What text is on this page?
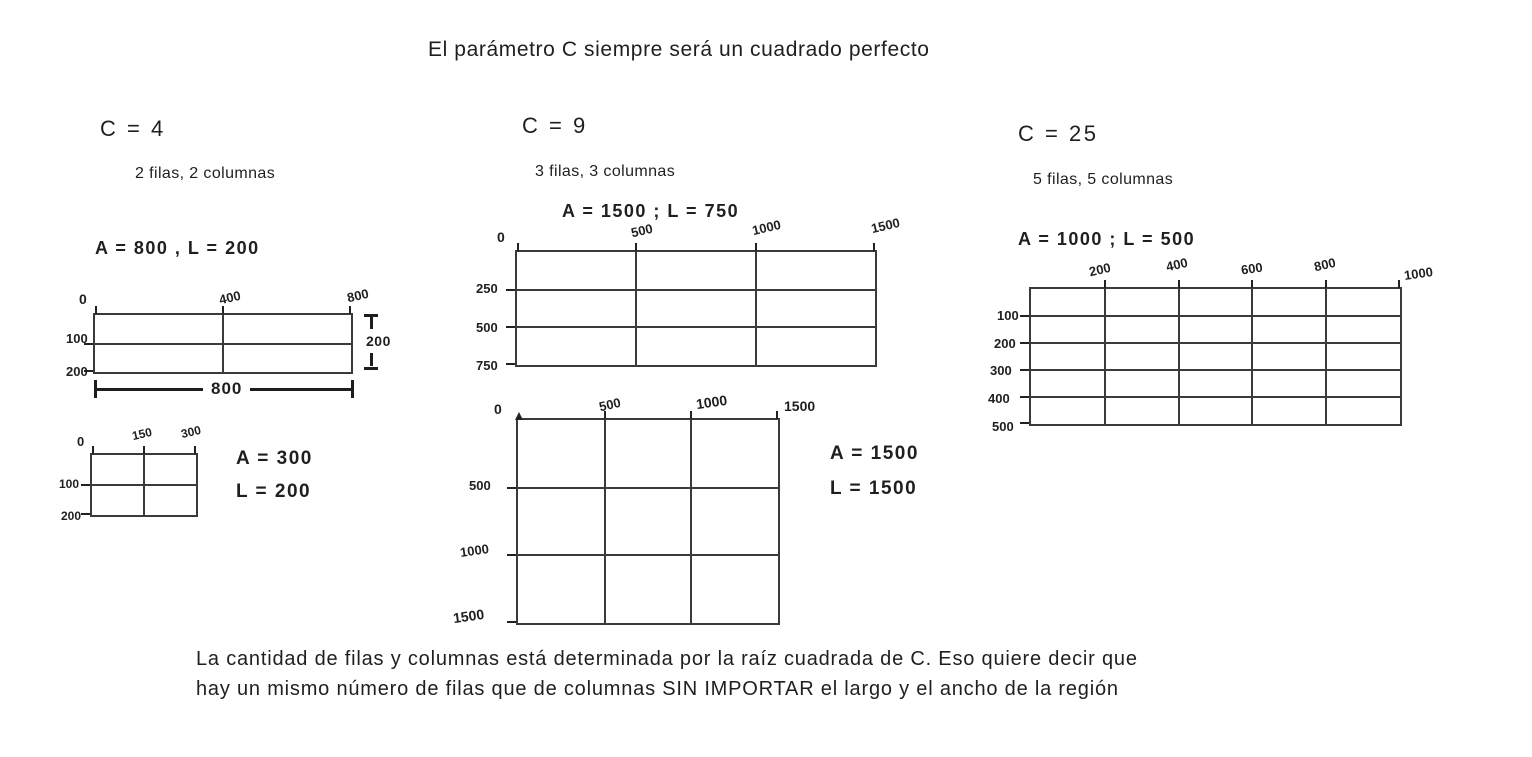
El parámetro C siempre será un cuadrado perfecto
C = 4
2 filas, 2 columnas
A = 800 , L = 200
0	400	800
100
200
800
200
0	150 300
100
200
A = 300
L = 200
C = 9
3 filas, 3 columnas
A = 1500 ; L = 750
0	500	1000	1500
250
500
750
0	500	1000	1500
500
1000
1500
A = 1500
L = 1500
C = 25
5 filas, 5 columnas
A = 1000 ; L = 500
200	400	600	800	1000
100
200
300
400
500
La cantidad de filas y columnas está determinada por la raíz cuadrada de C. Eso quiere decir que
hay un mismo número de filas que de columnas SIN IMPORTAR el largo y el ancho de la región
